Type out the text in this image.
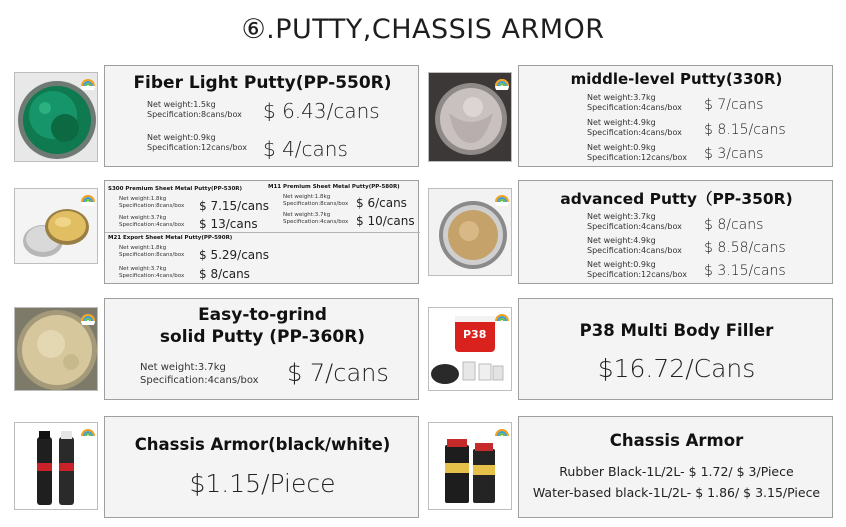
⑥.PUTTY,CHASSIS ARMOR
Fiber Light Putty(PP-550R)
Net weight:1.5kg
Specification:8cans/box $ 6.43/cans
Net weight:0.9kg
Specification:12cans/box $ 4/cans
middle-level Putty(330R)
Net weight:3.7kg
Specification:4cans/box $ 7/cans
Net weight:4.9kg
Specification:4cans/box $ 8.15/cans
Net weight:0.9kg
Specification:12cans/box $ 3/cans
S300 Premium Sheet Metal Putty(PP-530R)
Net weight:1.8kg
Specification:8cans/box $ 7.15/cans
Net weight:3.7kg
Specification:4cans/box $ 13/cans
M11 Premium Sheet Metal Putty(PP-580R)
Net weight:1.8kg
Specification:8cans/box $ 6/cans
Net weight:3.7kg
Specification:4cans/box $ 10/cans
M21 Export Sheet Metal Putty(PP-590R)
Net weight:1.8kg
Specification:8cans/box $ 5.29/cans
Net weight:3.7kg
Specification:4cans/box $ 8/cans
advanced Putty（PP-350R)
Net weight:3.7kg
Specification:4cans/box $ 8/cans
Net weight:4.9kg
Specification:4cans/box $ 8.58/cans
Net weight:0.9kg
Specification:12cans/box $ 3.15/cans
Easy-to-grind
solid Putty (PP-360R)
Net weight:3.7kg
Specification:4cans/box $ 7/cans
P38	P38 Multi Body Filler
$16.72/Cans
Chassis Armor(black/white)
$1.15/Piece
Chassis Armor
Rubber Black-1L/2L- $ 1.72/ $ 3/Piece
Water-based black-1L/2L- $ 1.86/ $ 3.15/Piece
